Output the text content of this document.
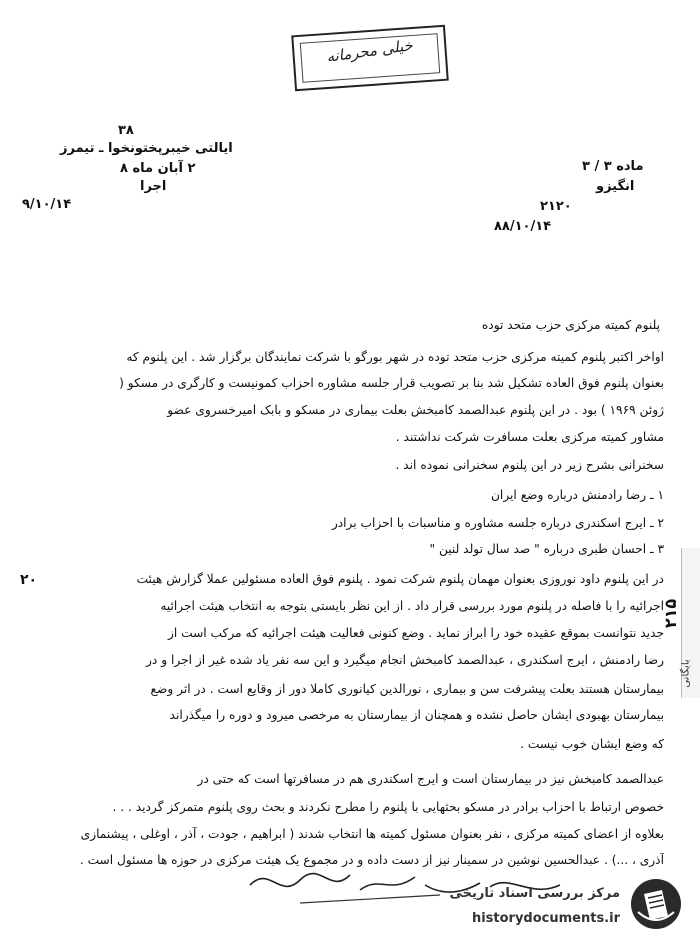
خیلی محرمانه
۳۸
ایالتی خیبرپختونخوا ـ تیمرز
۲ آبان ماه ۸
اجرا
۹/۱۰/۱۴
ماده ۳ / ۳
انگیزو
۲۱۲۰
۸۸/۱۰/۱۴
پلنوم کمیته مرکزی حزب متحد توده
اواخر اکتبر پلنوم کمیته مرکزی حزب متحد توده در شهر بورگو با شرکت نمایندگان برگزار شد . این پلنوم که
بعنوان پلنوم فوق العاده تشکیل شد بنا بر تصویب قرار جلسه مشاوره احزاب کمونیست و کارگری در مسکو (
ژوئن ۱۹۶۹ ) بود . در این پلنوم عبدالصمد کامبخش بعلت بیماری در مسکو و بابک امیرخسروی عضو
مشاور کمیته مرکزی بعلت مسافرت شرکت نداشتند .
سخنرانی بشرح زیر در این پلنوم سخنرانی نموده اند .
۱ ـ رضا رادمنش درباره وضع ایران
۲ ـ ایرج اسکندری درباره جلسه مشاوره و مناسبات با احزاب برادر
۳ ـ احسان طبری درباره " صد سال تولد لنین "
در این پلنوم داود نوروزی بعنوان مهمان پلنوم شرکت نمود . پلنوم فوق العاده مسئولین عملا گزارش هیئت
اجرائیه را با فاصله در پلنوم مورد بررسی قرار داد . از این نظر بایستی بتوجه به انتخاب هیئت اجرائیه
جدید نتوانست بموقع عقیده خود را ابراز نماید . وضع کنونی فعالیت هیئت اجرائیه که مرکب است از
رضا رادمنش ، ایرج اسکندری ، عبدالصمد کامبخش انجام میگیرد و این سه نفر یاد شده غیر از اجرا و در
بیمارستان هستند بعلت پیشرفت سن و بیماری ، نورالدین کیانوری کاملا دور از وقایع است . در اثر وضع
بیمارستان بهبودی ایشان حاصل نشده و همچنان از بیمارستان به مرخصی میرود و دوره را میگذراند
که وضع ایشان خوب نیست .
عبدالصمد کامبخش نیز در بیمارستان است و ایرج اسکندری هم در مسافرتها است که حتی در
خصوص ارتباط با احزاب برادر در مسکو بحثهایی با پلنوم را مطرح نکردند و بحث روی پلنوم متمرکز گردید . . .
بعلاوه از اعضای کمیته مرکزی ، نفر بعنوان مسئول کمیته ها انتخاب شدند ( ابراهیم ، جودت ، آذر ، اوغلی ، پیشنمازی
آذری ، ...) . عبدالحسین نوشین در سمینار نیز از دست داده و در مجموع یک هیئت مرکزی در حوزه ها مسئول است .
۲۰
۲۱۵
بایگانی
مرکز بررسی اسناد تاریخی
historydocuments.ir
